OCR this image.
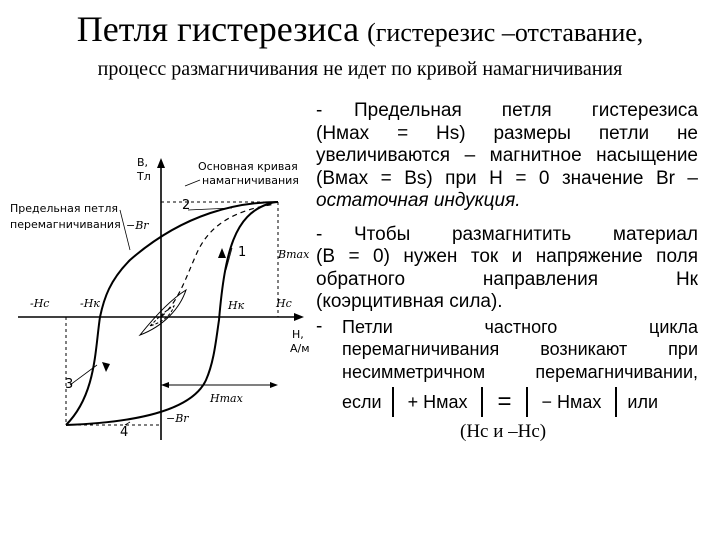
Петля гистерезиса (гистерезис –отставание,
процесс размагничивания не идет по кривой намагничивания
B,
Тл
Основная кривая
намагничивания
Предельная петля
перемагничивания −Br
2
1	Bmax
-Hc	-Hк	Hк	Hc
H,
А/м
3
Hmax
4
−Br
- Предельная петля гистерезиса
(Hмах = Hs) размеры петли не
увеличиваются – магнитное насыщение
(Bмах = Bs) при H = 0 значение Br –
остаточная индукция.
- Чтобы размагнитить материал
(В = 0) нужен ток и напряжение поля
обратного направления Нк
(коэрцитивная сила).
-	Петли частного цикла
перемагничивания возникают при
несимметричном перемагничивании,
если + Hмах = − Hмах или
(Hc и –Hc)
